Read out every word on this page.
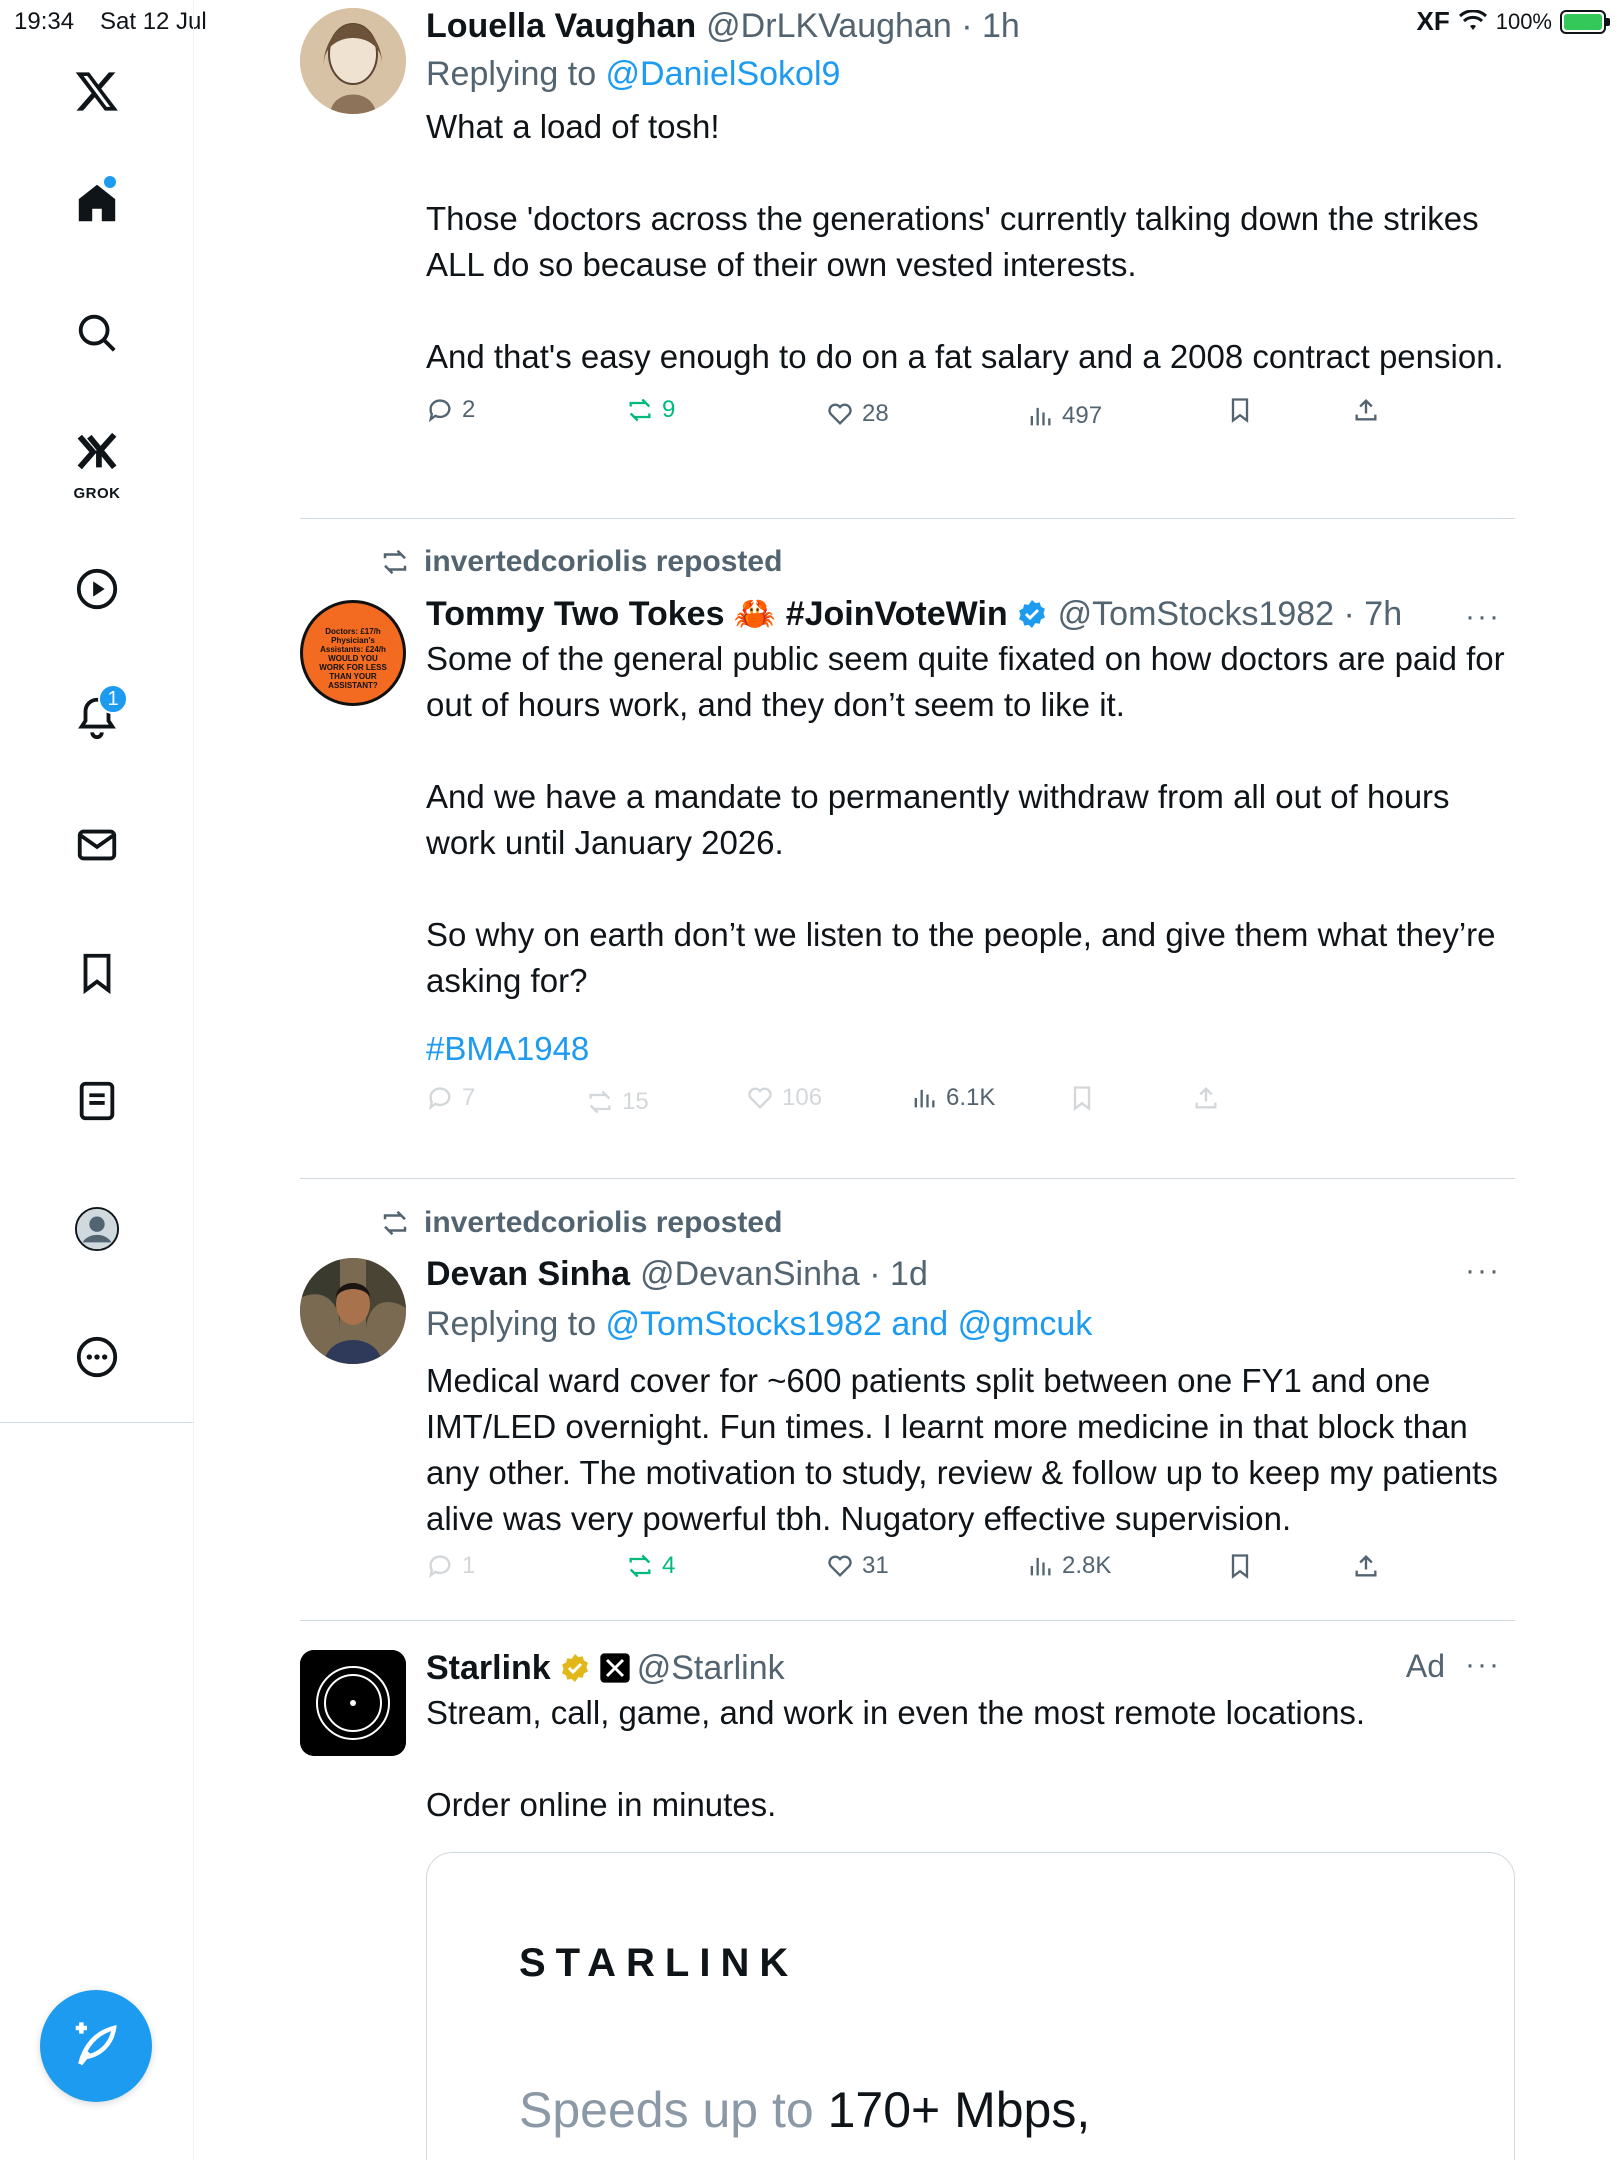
19:34 Sat 12 Jul	XF 100%
GROK
1
Louella Vaughan @DrLKVaughan · 1h
Replying to @DanielSokol9
What a load of tosh!

Those 'doctors across the generations' currently talking down the strikes ALL do so because of their own vested interests.

And that's easy enough to do on a fat salary and a 2008 contract pension.
2	9	28	497
invertedcoriolis reposted
Doctors: £17/h Physician's Assistants: £24/h WOULD YOU WORK FOR LESS THAN YOUR ASSISTANT?
Tommy Two Tokes 🦀 #JoinVoteWin @TomStocks1982 · 7h ···
Some of the general public seem quite fixated on how doctors are paid for out of hours work, and they don’t seem to like it.

And we have a mandate to permanently withdraw from all out of hours work until January 2026.

So why on earth don’t we listen to the people, and give them what they’re asking for?
#BMA1948
7	15	106	6.1K
invertedcoriolis reposted
Devan Sinha @DevanSinha · 1d	···
Replying to @TomStocks1982 and @gmcuk
Medical ward cover for ~600 patients split between one FY1 and one IMT/LED overnight. Fun times. I learnt more medicine in that block than any other. The motivation to study, review & follow up to keep my patients alive was very powerful tbh. Nugatory effective supervision.
1	4	31	2.8K
Starlink	@Starlink	Ad ···
Stream, call, game, and work in even the most remote locations.

Order online in minutes.
STARLINK
Speeds up to 170+ Mbps,
